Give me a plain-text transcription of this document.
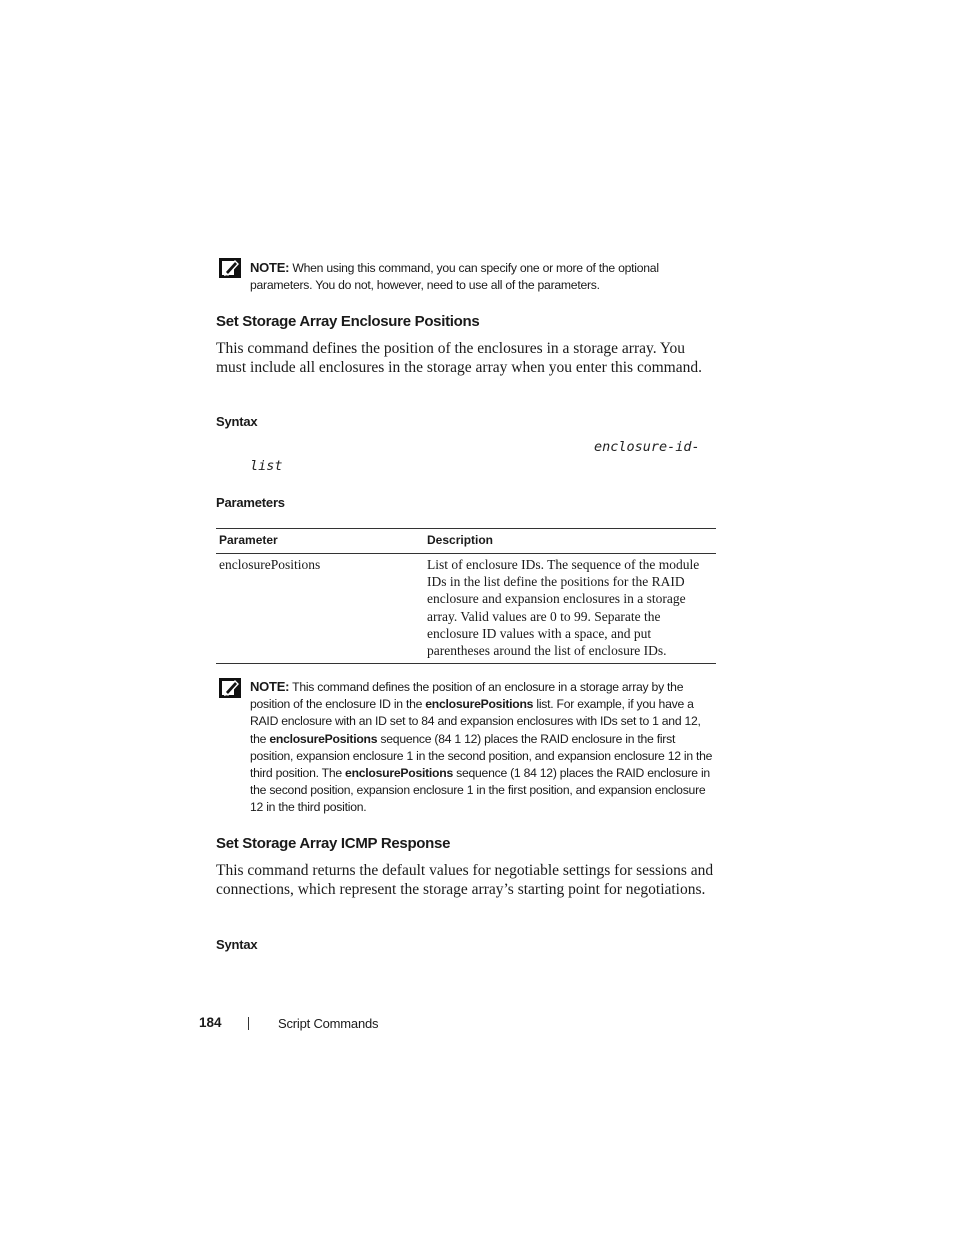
NOTE: When using this command, you can specify one or more of the optional parameters. You do not, however, need to use all of the parameters.
Set Storage Array Enclosure Positions
This command defines the position of the enclosures in a storage array. You must include all enclosures in the storage array when you enter this command.
Syntax
enclosure-id-
list
Parameters
Parameter	Description
enclosurePositions	List of enclosure IDs. The sequence of the module IDs in the list define the positions for the RAID enclosure and expansion enclosures in a storage array. Valid values are 0 to 99. Separate the enclosure ID values with a space, and put parentheses around the list of enclosure IDs.
NOTE: This command defines the position of an enclosure in a storage array by the position of the enclosure ID in the enclosurePositions list. For example, if you have a RAID enclosure with an ID set to 84 and expansion enclosures with IDs set to 1 and 12, the enclosurePositions sequence (84 1 12) places the RAID enclosure in the first position, expansion enclosure 1 in the second position, and expansion enclosure 12 in the third position. The enclosurePositions sequence (1 84 12) places the RAID enclosure in the second position, expansion enclosure 1 in the first position, and expansion enclosure 12 in the third position.
Set Storage Array ICMP Response
This command returns the default values for negotiable settings for sessions and connections, which represent the storage array’s starting point for negotiations.
Syntax
184	Script Commands
